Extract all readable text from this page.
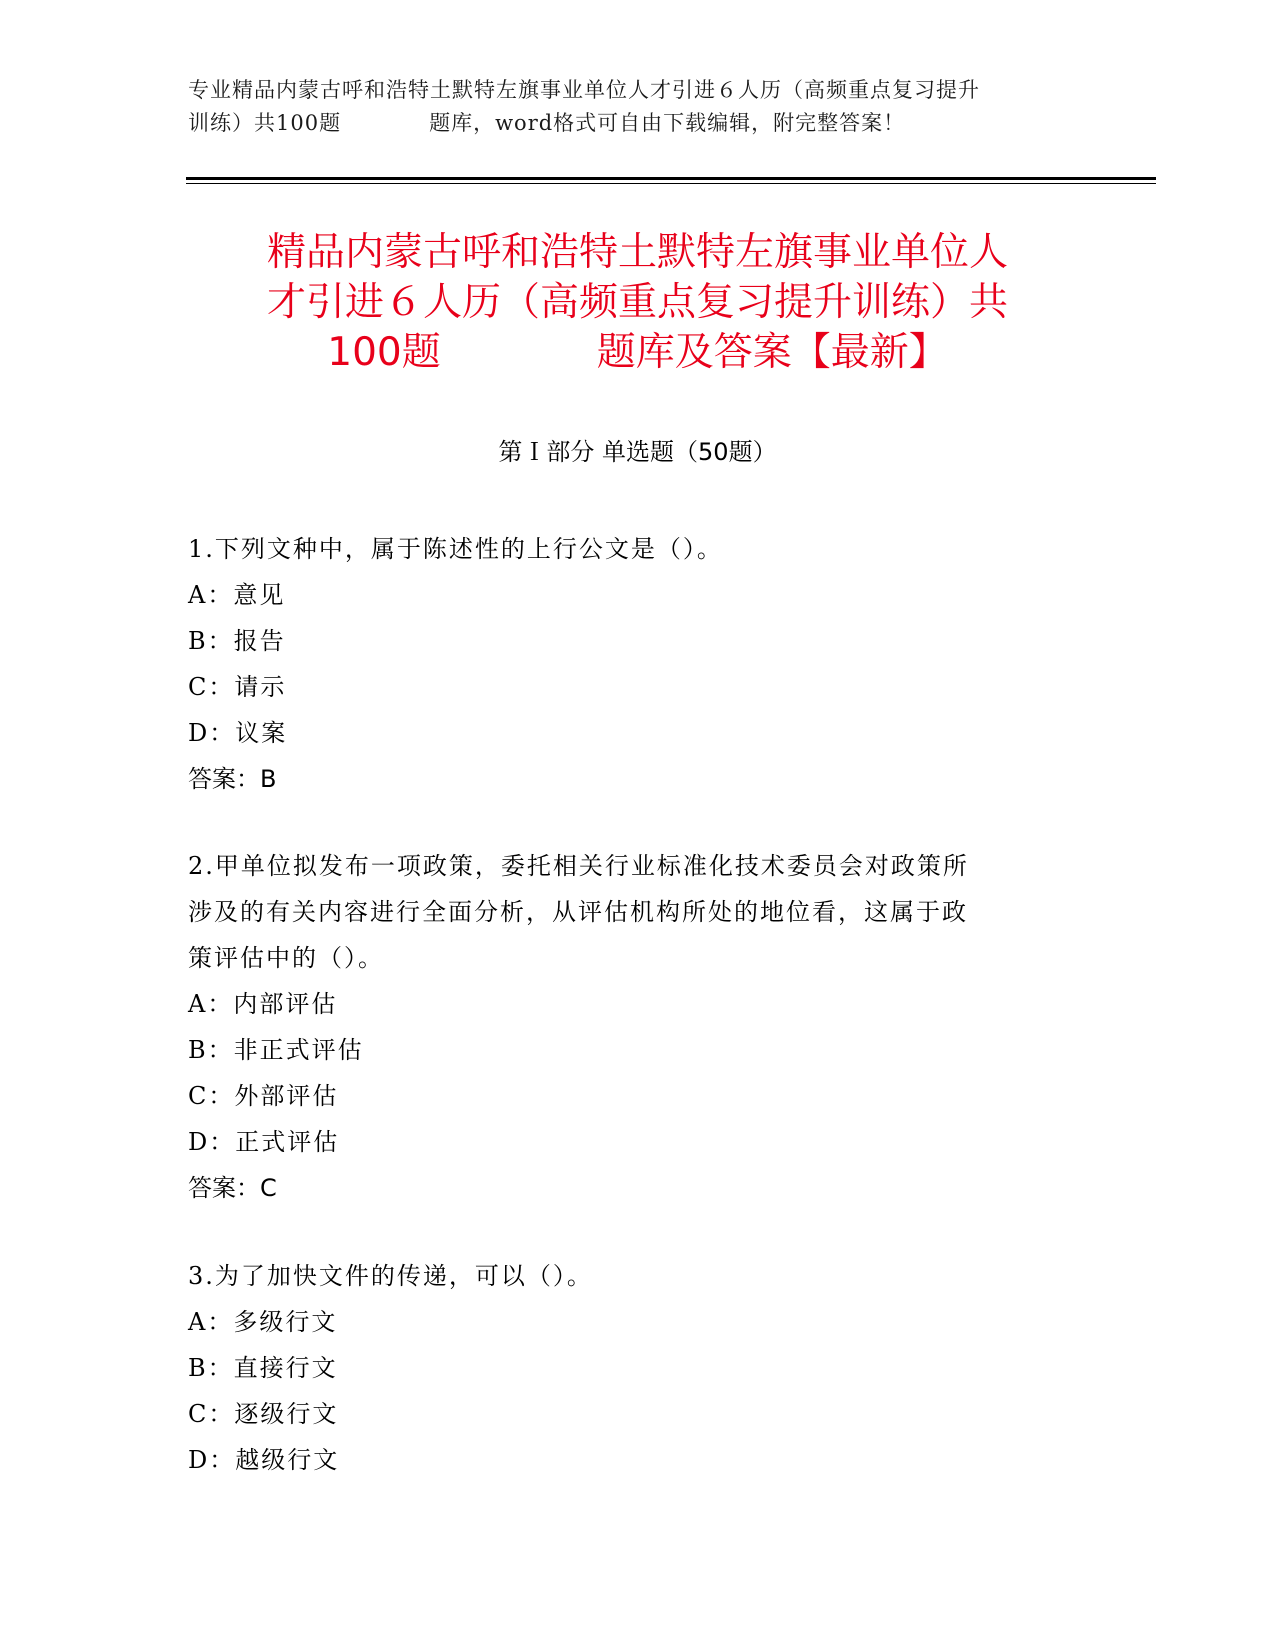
专业精品内蒙古呼和浩特土默特左旗事业单位人才引进６人历（高频重点复习提升
训练）共100题　　　　题库，word格式可自由下载编辑，附完整答案！
精品内蒙古呼和浩特土默特左旗事业单位人
才引进６人历（高频重点复习提升训练）共
100题　　　　题库及答案【最新】
第Ｉ部分 单选题（50题）
1.下列文种中，属于陈述性的上行公文是（）。
A：意见
B：报告
C：请示
D：议案
答案：B
2.甲单位拟发布一项政策，委托相关行业标准化技术委员会对政策所
涉及的有关内容进行全面分析，从评估机构所处的地位看，这属于政
策评估中的（）。
A：内部评估
B：非正式评估
C：外部评估
D：正式评估
答案：C
3.为了加快文件的传递，可以（）。
A：多级行文
B：直接行文
C：逐级行文
D：越级行文
